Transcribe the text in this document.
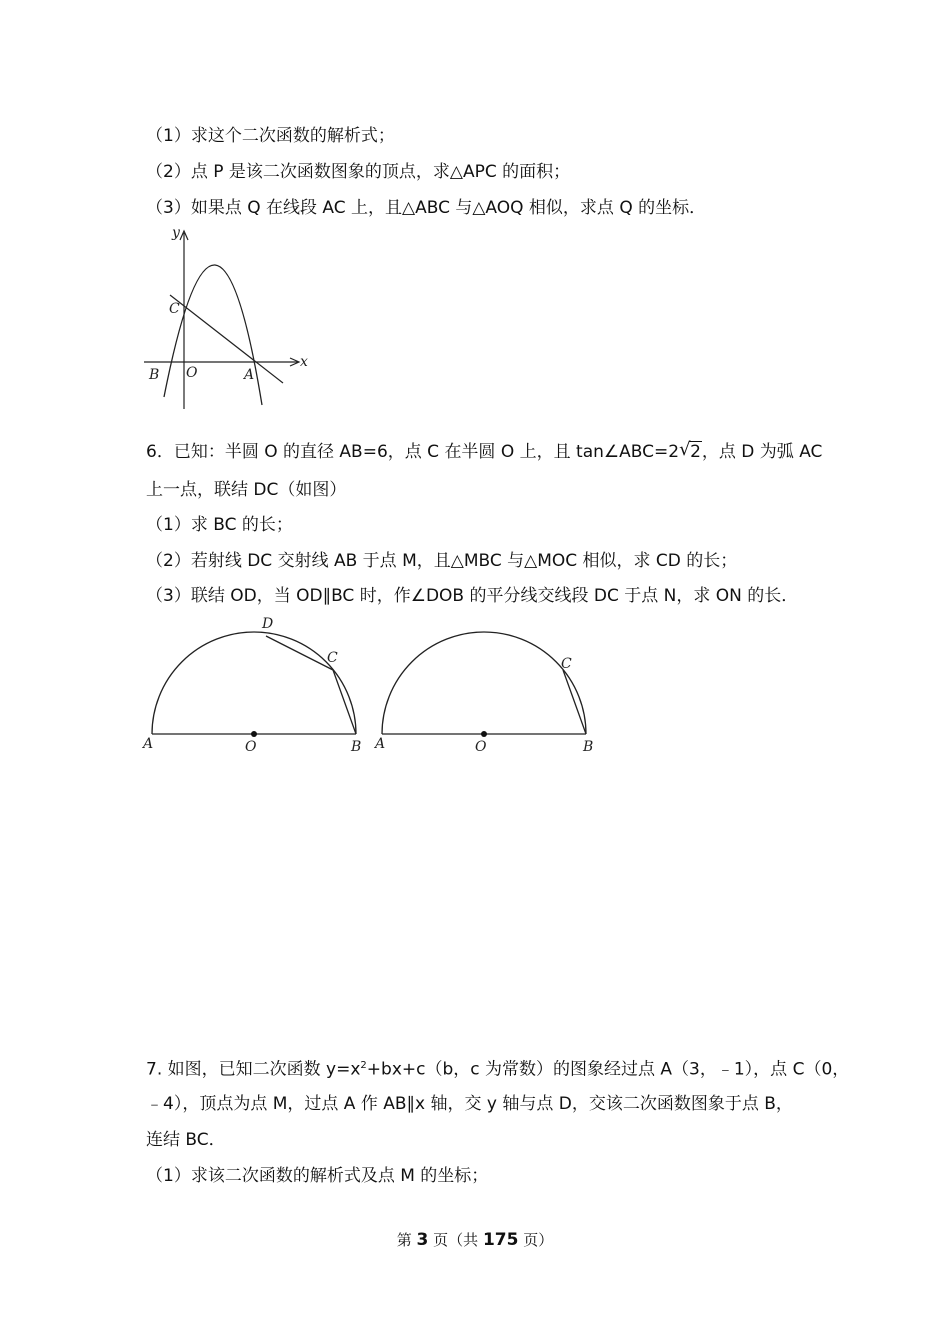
（1）求这个二次函数的解析式；
（2）点 P 是该二次函数图象的顶点，求△APC 的面积；
（3）如果点 Q 在线段 AC 上，且△ABC 与△AOQ 相似，求点 Q 的坐标．
y
x
C
B O	A
6．已知：半圆 O 的直径 AB=6，点 C 在半圆 O 上，且 tan∠ABC=2 √ 2，点 D 为弧 AC
上一点，联结 DC（如图）
（1）求 BC 的长；
（2）若射线 DC 交射线 AB 于点 M，且△MBC 与△MOC 相似，求 CD 的长；
（3）联结 OD，当 OD∥BC 时，作∠DOB 的平分线交线段 DC 于点 N，求 ON 的长．
D
C
A	O	B
C
A	O	B
7. 如图，已知二次函数 $y=x^2+bx+c(b$，c 为常数）的图象经过点 A（3，﹣1），点 C（0，
﹣4），顶点为点 M，过点 A 作 AB∥x 轴，交 y 轴与点 D，交该二次函数图象于点 B，
连结 BC．
（1）求该二次函数的解析式及点 M 的坐标；
第 3 页（共 175 页）
